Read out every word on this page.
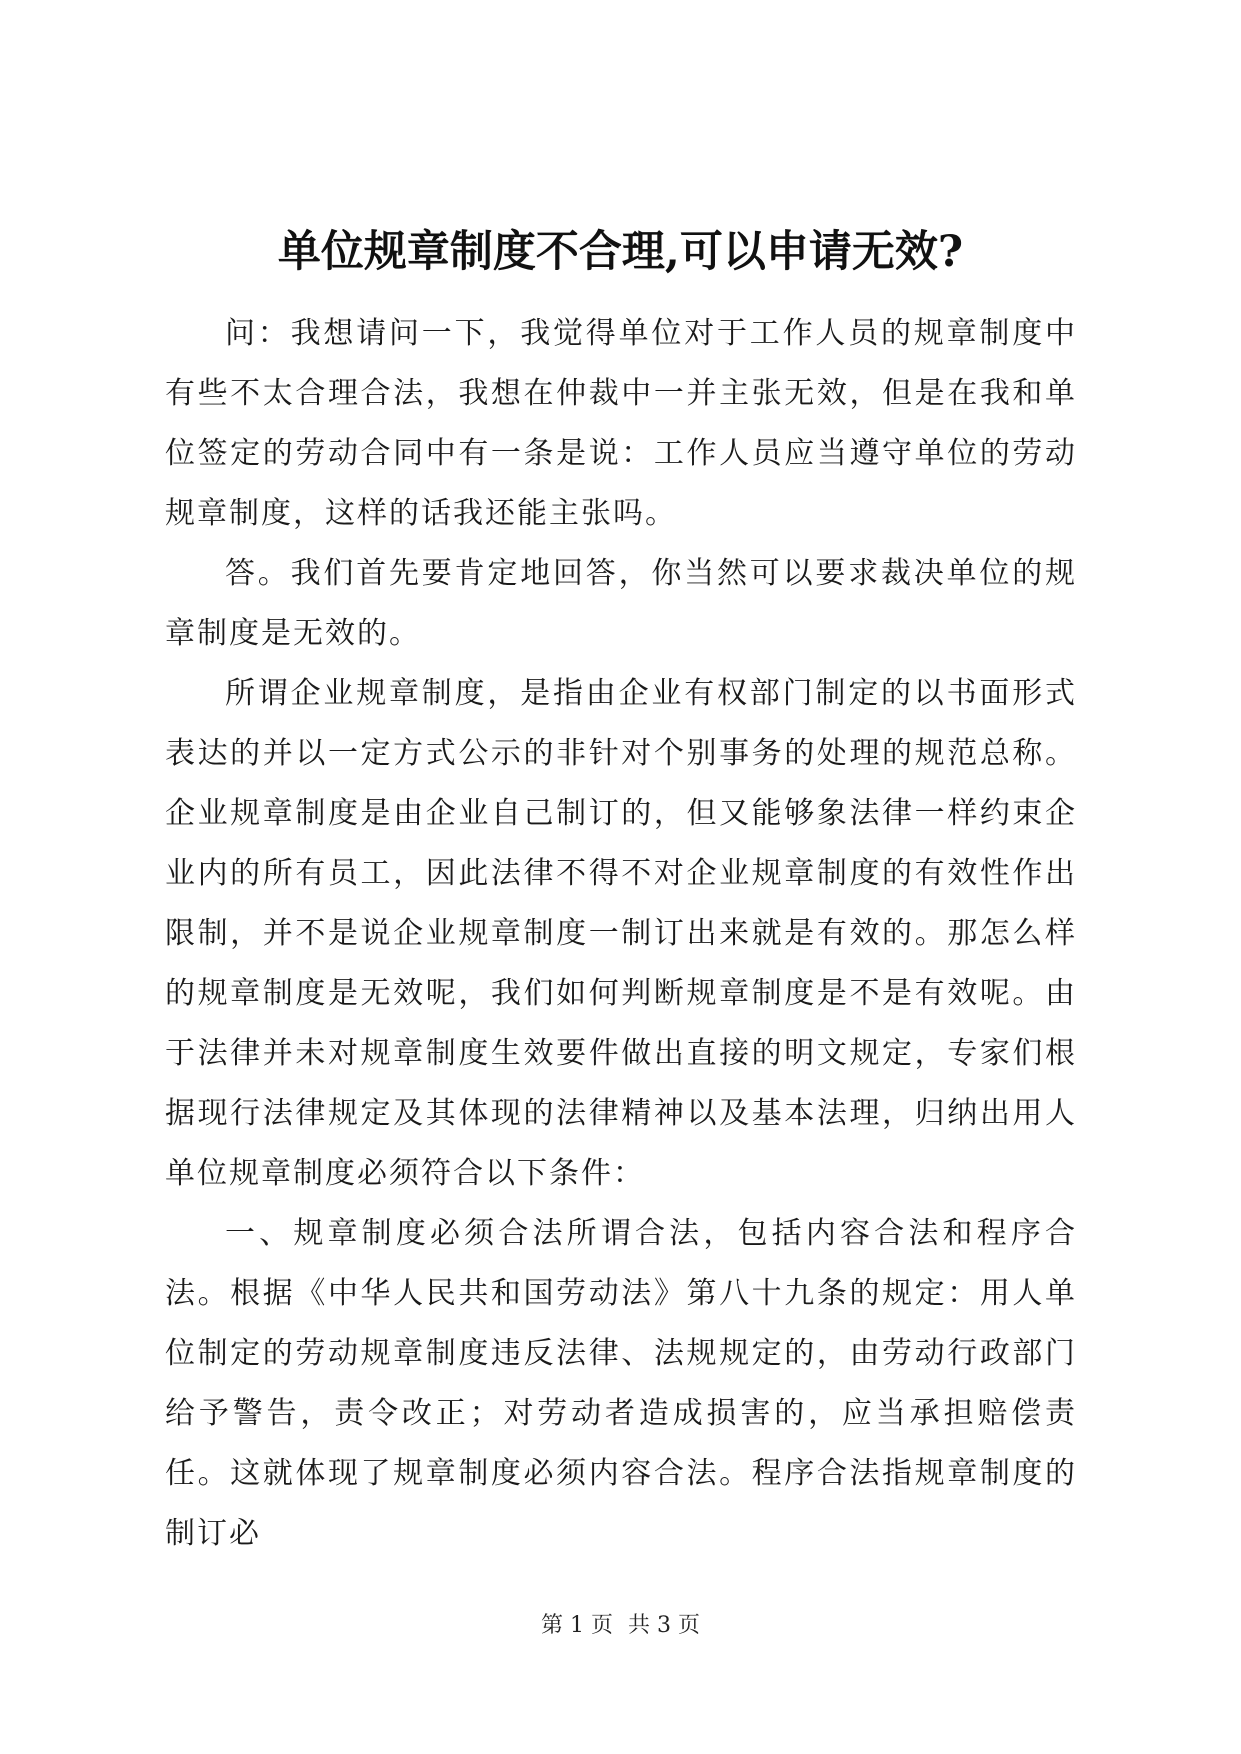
单位规章制度不合理,可以申请无效?

问：我想请问一下，我觉得单位对于工作人员的规章制度中有些不太合理合法，我想在仲裁中一并主张无效，但是在我和单位签定的劳动合同中有一条是说：工作人员应当遵守单位的劳动规章制度，这样的话我还能主张吗。

答。我们首先要肯定地回答，你当然可以要求裁决单位的规章制度是无效的。

所谓企业规章制度，是指由企业有权部门制定的以书面形式表达的并以一定方式公示的非针对个别事务的处理的规范总称。企业规章制度是由企业自己制订的，但又能够象法律一样约束企业内的所有员工，因此法律不得不对企业规章制度的有效性作出限制，并不是说企业规章制度一制订出来就是有效的。那怎么样的规章制度是无效呢，我们如何判断规章制度是不是有效呢。由于法律并未对规章制度生效要件做出直接的明文规定，专家们根据现行法律规定及其体现的法律精神以及基本法理，归纳出用人单位规章制度必须符合以下条件：

一、规章制度必须合法所谓合法，包括内容合法和程序合法。根据《中华人民共和国劳动法》第八十九条的规定：用人单位制定的劳动规章制度违反法律、法规规定的，由劳动行政部门给予警告，责令改正；对劳动者造成损害的，应当承担赔偿责任。这就体现了规章制度必须内容合法。程序合法指规章制度的制订必

第 1 页 共 3 页
